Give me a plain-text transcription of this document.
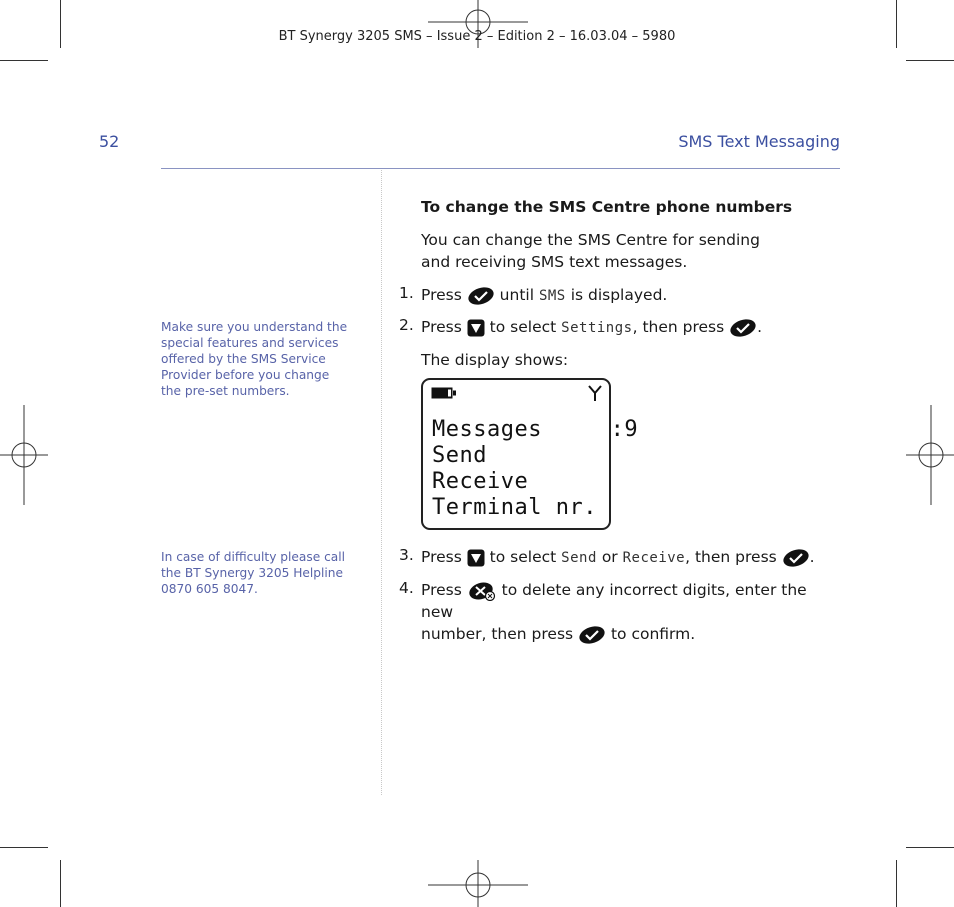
BT Synergy 3205 SMS – Issue 2 – Edition 2 – 16.03.04 – 5980
52	SMS Text Messaging
Make sure you understand the special features and services offered by the SMS Service Provider before you change the pre-set numbers.
In case of difficulty please call the BT Synergy 3205 Helpline 0870 605 8047.
To change the SMS Centre phone numbers
You can change the SMS Centre for sending and receiving SMS text messages.
1. Press until SMS is displayed.
2. Press to select Settings, then press .
The display shows:
Messages     :9
Send
Receive
Terminal nr.
3. Press to select Send or Receive, then press .
4. Press	to delete any incorrect digits, enter the new
number, then press to confirm.
